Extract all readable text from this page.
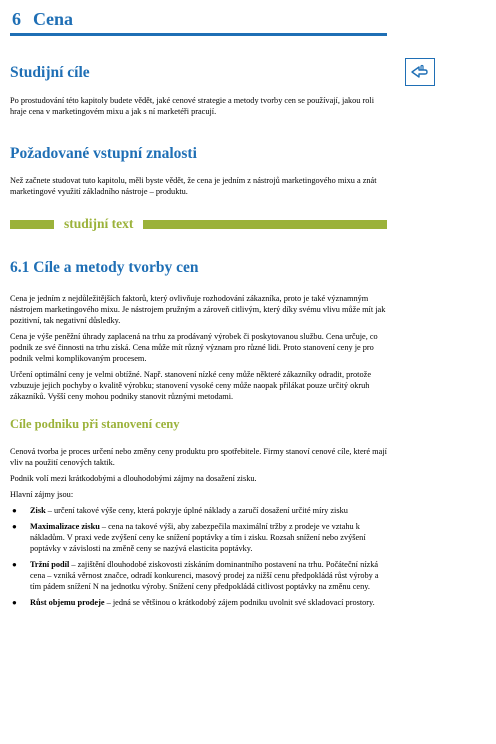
6 Cena
Studijní cíle

Po prostudování této kapitoly budete vědět, jaké cenové strategie a metody tvorby cen se používají, jakou roli hraje cena v marketingovém mixu a jak s ní marketéři pracují.

Požadované vstupní znalosti

Než začnete studovat tuto kapitolu, měli byste vědět, že cena je jedním z nástrojů marketingového mixu a znát marketingové využití základního nástroje – produktu.

studijní text
6.1 Cíle a metody tvorby cen

Cena je jedním z nejdůležitějších faktorů, který ovlivňuje rozhodování zákazníka, proto je také významným nástrojem marketingového mixu. Je nástrojem pružným a zároveň citlivým, který díky svému vlivu může mít jak pozitivní, tak negativní důsledky.

Cena je výše peněžní úhrady zaplacená na trhu za prodávaný výrobek či poskytovanou službu. Cena určuje, co podnik ze své činnosti na trhu získá. Cena může mít různý význam pro různé lidi. Proto stanovení ceny je pro podnik velmi komplikovaným procesem.

Určení optimální ceny je velmi obtížné. Např. stanovení nízké ceny může některé zákazníky odradit, protože vzbuzuje jejich pochyby o kvalitě výrobku; stanovení vysoké ceny může naopak přilákat pouze určitý okruh zákazníků. Vyšší ceny mohou podniky stanovit různými metodami.

Cíle podniku při stanovení ceny

Cenová tvorba je proces určení nebo změny ceny produktu pro spotřebitele. Firmy stanoví cenové cíle, které mají vliv na použití cenových taktik.

Podnik volí mezi krátkodobými a dlouhodobými zájmy na dosažení zisku.

Hlavní zájmy jsou:

● Zisk – určení takové výše ceny, která pokryje úplné náklady a zaručí dosažení určité míry zisku
● Maximalizace zisku – cena na takové výši, aby zabezpečila maximální tržby z prodeje ve vztahu k nákladům. V praxi vede zvýšení ceny ke snížení poptávky a tím i zisku. Rozsah snížení nebo zvýšení poptávky v závislosti na změně ceny se nazývá elasticita poptávky.
● Tržní podíl – zajištění dlouhodobé ziskovosti získáním dominantního postavení na trhu. Počáteční nízká cena – vzniká věrnost značce, odradí konkurenci, masový prodej za nižší cenu předpokládá růst výroby a tím pádem snížení N na jednotku výroby. Snížení ceny předpokládá citlivost poptávky na změnu ceny.
● Růst objemu prodeje – jedná se většinou o krátkodobý zájem podniku uvolnit své skladovací prostory.
